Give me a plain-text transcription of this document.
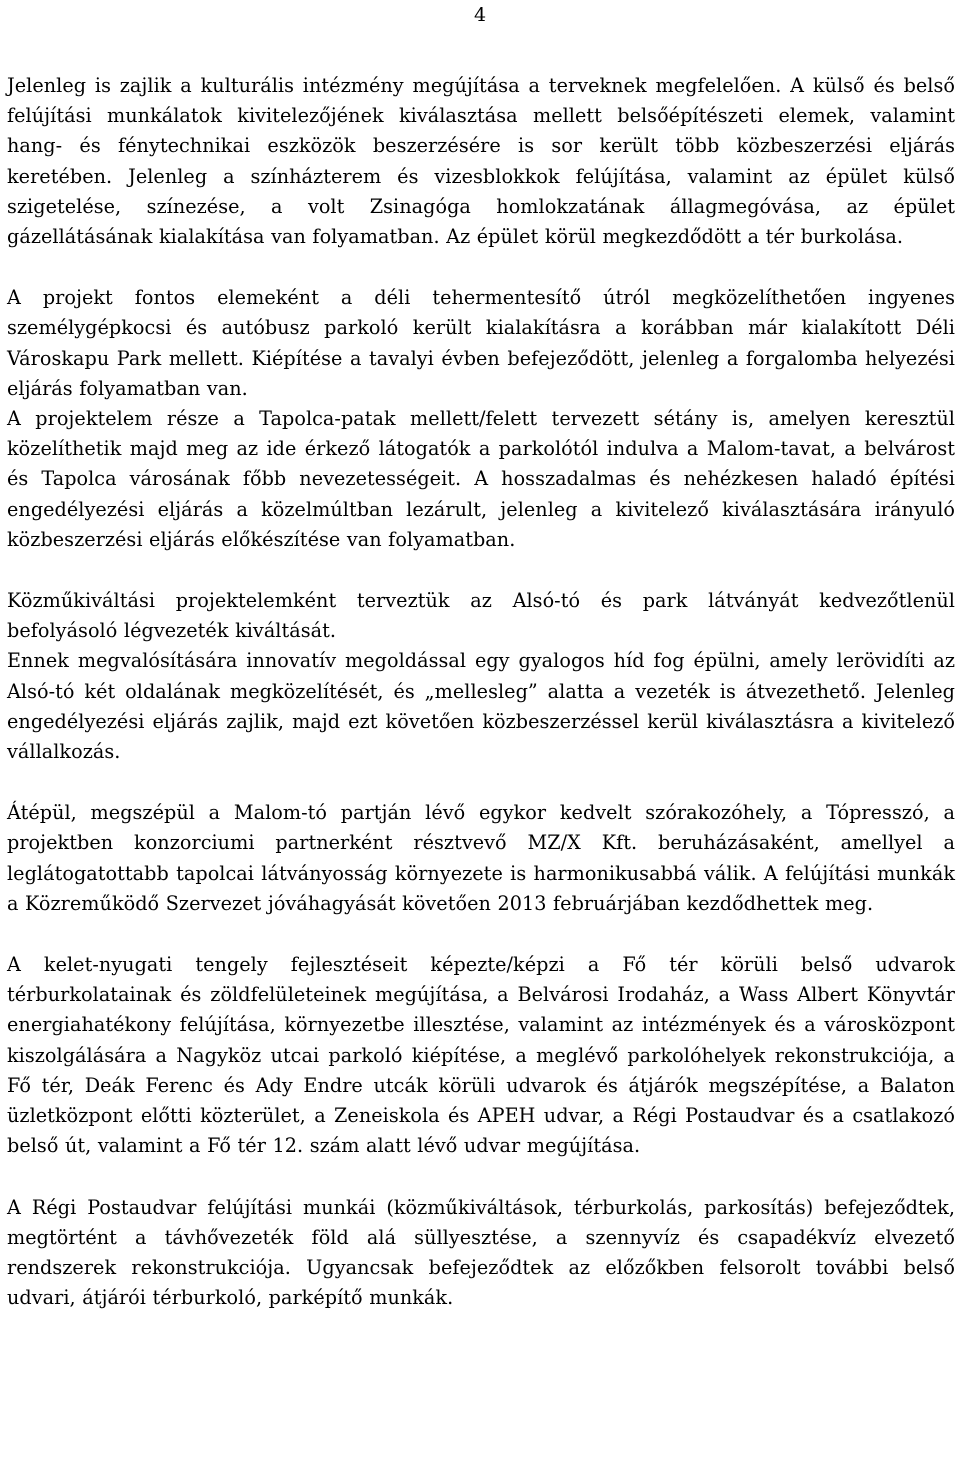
4

Jelenleg is zajlik a kulturális intézmény megújítása a terveknek megfelelően. A külső és belső felújítási munkálatok kivitelezőjének kiválasztása mellett belsőépítészeti elemek, valamint hang- és fénytechnikai eszközök beszerzésére is sor került több közbeszerzési eljárás keretében. Jelenleg a színházterem és vizesblokkok felújítása, valamint az épület külső szigetelése, színezése, a volt Zsinagóga homlokzatának állagmegóvása, az épület gázellátásának kialakítása van folyamatban. Az épület körül megkezdődött a tér burkolása.

A projekt fontos elemeként a déli tehermentesítő útról megközelíthetően ingyenes személygépkocsi és autóbusz parkoló került kialakításra a korábban már kialakított Déli Városkapu Park mellett. Kiépítése a tavalyi évben befejeződött, jelenleg a forgalomba helyezési eljárás folyamatban van.

A projektelem része a Tapolca-patak mellett/felett tervezett sétány is, amelyen keresztül közelíthetik majd meg az ide érkező látogatók a parkolótól indulva a Malom-tavat, a belvárost és Tapolca városának főbb nevezetességeit. A hosszadalmas és nehézkesen haladó építési engedélyezési eljárás a közelmúltban lezárult, jelenleg a kivitelező kiválasztására irányuló közbeszerzési eljárás előkészítése van folyamatban.

Közműkiváltási projektelemként terveztük az Alsó-tó és park látványát kedvezőtlenül befolyásoló légvezeték kiváltását.

Ennek megvalósítására innovatív megoldással egy gyalogos híd fog épülni, amely lerövidíti az Alsó-tó két oldalának megközelítését, és „mellesleg” alatta a vezeték is átvezethető. Jelenleg engedélyezési eljárás zajlik, majd ezt követően közbeszerzéssel kerül kiválasztásra a kivitelező vállalkozás.

Átépül, megszépül a Malom-tó partján lévő egykor kedvelt szórakozóhely, a Tópresszó, a projektben konzorciumi partnerként résztvevő MZ/X Kft. beruházásaként, amellyel a leglátogatottabb tapolcai látványosság környezete is harmonikusabbá válik. A felújítási munkák a Közreműködő Szervezet jóváhagyását követően 2013 februárjában kezdődhettek meg.

A kelet-nyugati tengely fejlesztéseit képezte/képzi a Fő tér körüli belső udvarok térburkolatainak és zöldfelületeinek megújítása, a Belvárosi Irodaház, a Wass Albert Könyvtár energiahatékony felújítása, környezetbe illesztése, valamint az intézmények és a városközpont kiszolgálására a Nagyköz utcai parkoló kiépítése, a meglévő parkolóhelyek rekonstrukciója, a Fő tér, Deák Ferenc és Ady Endre utcák körüli udvarok és átjárók megszépítése, a Balaton üzletközpont előtti közterület, a Zeneiskola és APEH udvar, a Régi Postaudvar és a csatlakozó belső út, valamint a Fő tér 12. szám alatt lévő udvar megújítása.

A Régi Postaudvar felújítási munkái (közműkiváltások, térburkolás, parkosítás) befejeződtek, megtörtént a távhővezeték föld alá süllyesztése, a szennyvíz és csapadékvíz elvezető rendszerek rekonstrukciója. Ugyancsak befejeződtek az előzőkben felsorolt további belső udvari, átjárói térburkoló, parképítő munkák.
